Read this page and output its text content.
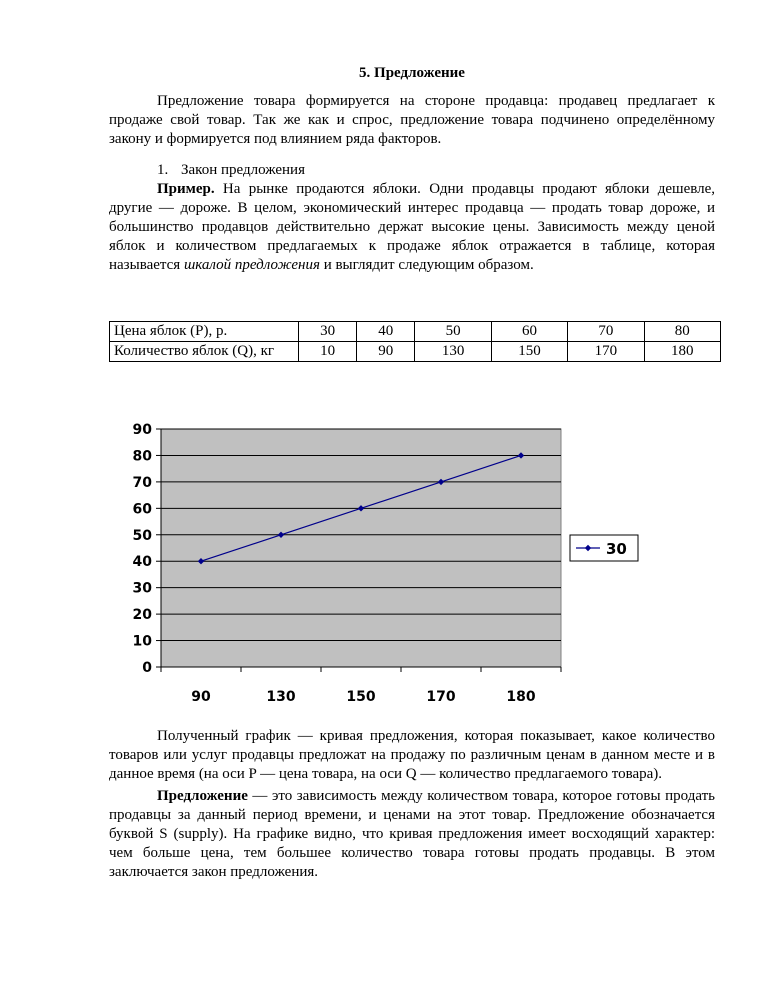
5. Предложение

Предложение товара формируется на стороне продавца: продавец предлагает к продаже свой товар. Так же как и спрос, предложение товара подчинено определённому закону и формируется под влиянием ряда факторов.

1. Закон предложения

Пример. На рынке продаются яблоки. Одни продавцы продают яблоки дешевле, другие — дороже. В целом, экономический интерес продавца — продать товар дороже, и большинство продавцов действительно держат высокие цены. Зависимость между ценой яблок и количеством предлагаемых к продаже яблок отражается в таблице, которая называется шкалой предложения и выглядит следующим образом.

Цена яблок (P), р.	30	40	50	60	70	80
Количество яблок (Q), кг	10	90	130	150	170	180
0
10
20
30
40
50
60
70
80
90
90	130	150	170	180
30

Полученный график — кривая предложения, которая показывает, какое количество товаров или услуг продавцы предложат на продажу по различным ценам в данном месте и в данное время (на оси P — цена товара, на оси Q — количество предлагаемого товара).

Предложение — это зависимость между количеством товара, которое готовы продать продавцы за данный период времени, и ценами на этот товар. Предложение обозначается буквой S (supply). На графике видно, что кривая предложения имеет восходящий характер: чем больше цена, тем большее количество товара готовы продать продавцы. В этом заключается закон предложения.
